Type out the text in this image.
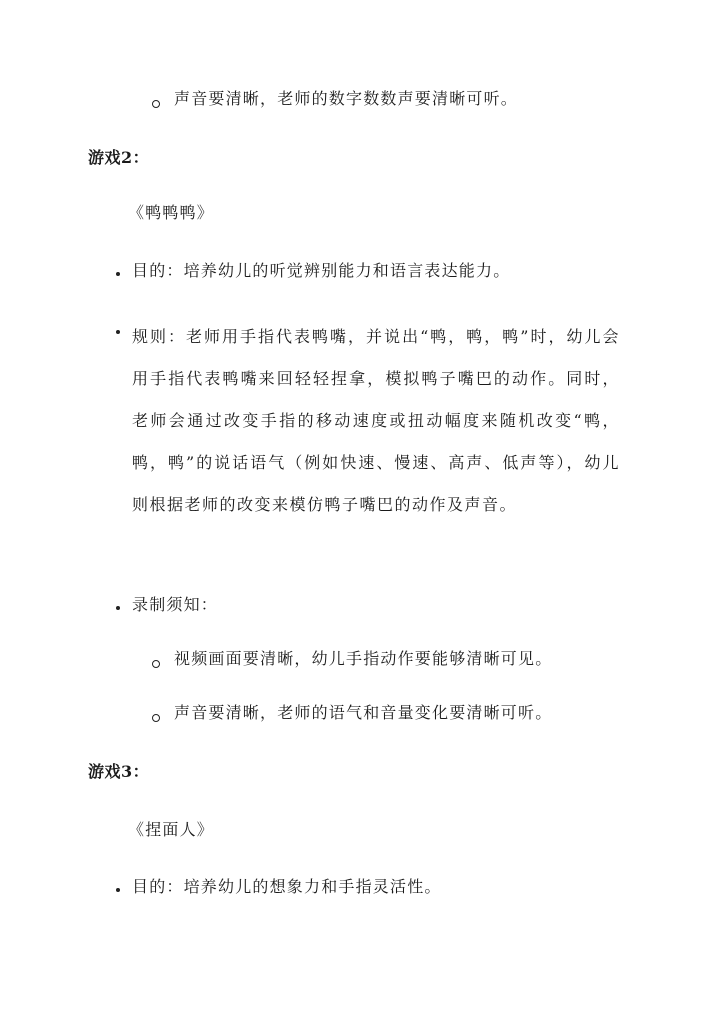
声音要清晰，老师的数字数数声要清晰可听。
游戏2：
《鸭鸭鸭》
目的：培养幼儿的听觉辨别能力和语言表达能力。
规则：老师用手指代表鸭嘴，并说出“鸭，鸭，鸭”时，幼儿会用手指代表鸭嘴来回轻轻捏拿，模拟鸭子嘴巴的动作。同时，老师会通过改变手指的移动速度或扭动幅度来随机改变“鸭，鸭，鸭”的说话语气（例如快速、慢速、高声、低声等），幼儿则根据老师的改变来模仿鸭子嘴巴的动作及声音。
录制须知：
视频画面要清晰，幼儿手指动作要能够清晰可见。
声音要清晰，老师的语气和音量变化要清晰可听。
游戏3：
《捏面人》
目的：培养幼儿的想象力和手指灵活性。
